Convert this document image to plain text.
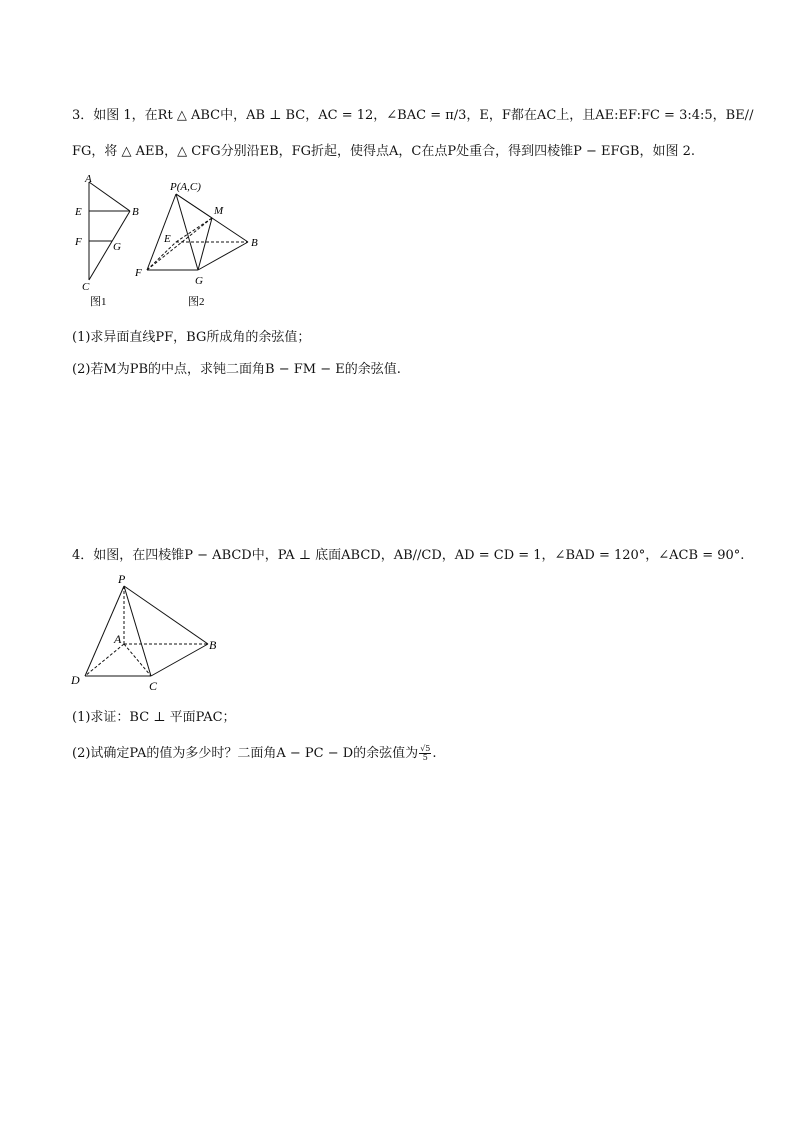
3．如图 1，在Rt △ ABC中，AB ⊥ BC，AC = 12，∠BAC = π/3，E，F都在AC上，且AE:EF:FC = 3:4:5，BE//
FG，将 △ AEB，△ CFG分别沿EB，FG折起，使得点A，C在点P处重合，得到四棱锥P − EFGB，如图 2.
A
E	B
F	G
C
图1
P(A,C)
M
E	B
F
G
图2
(1)求异面直线PF，BG所成角的余弦值；
(2)若M为PB的中点，求钝二面角B − FM − E的余弦值.
4．如图，在四棱锥P − ABCD中，PA ⊥ 底面ABCD，AB//CD，AD = CD = 1，∠BAD = 120°，∠ACB = 90°.
P
A	B
D	C
(1)求证：BC ⊥ 平面PAC；
(2)试确定PA的值为多少时？二面角A − PC − D的余弦值为 $\frac{√5}{5}$ .
